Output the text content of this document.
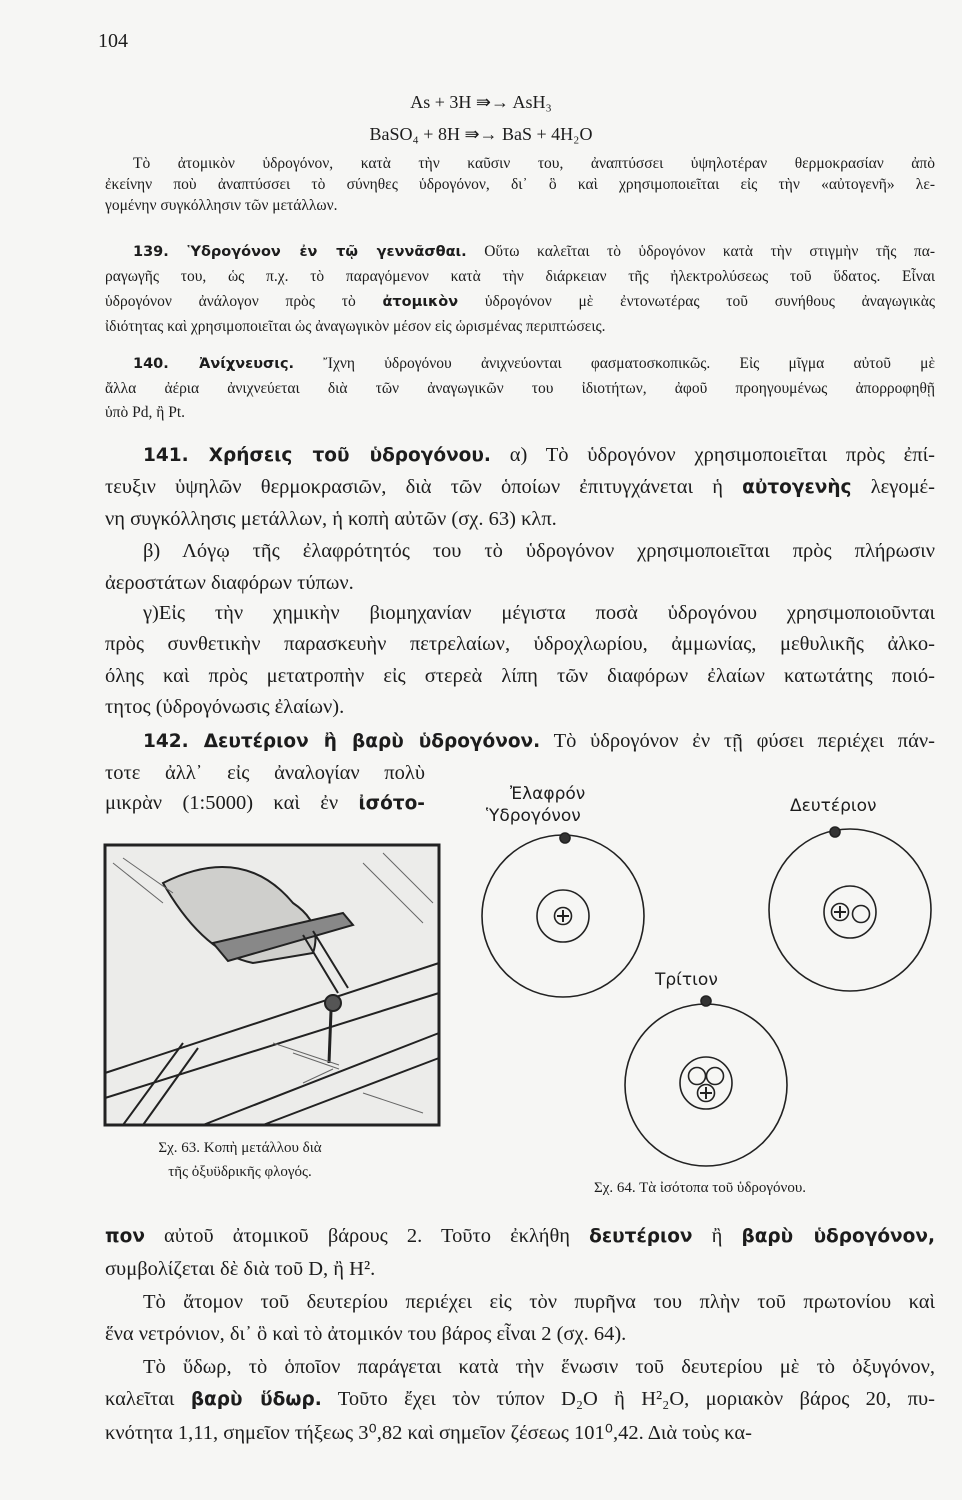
104
As + 3H ⇛→ AsH₃
BaSO₄ + 8H ⇛→ BaS + 4H₂O
Τὸ ἀτομικὸν ὑδρογόνον, κατὰ τὴν καῦσιν του, ἀναπτύσσει ὑψηλοτέραν θερμοκρασίαν ἀπὸ
ἐκείνην ποὺ ἀναπτύσσει τὸ σύνηθες ὑδρογόνον, δι᾽ ὃ καὶ χρησιμοποιεῖται εἰς τὴν «αὐτογενῆ» λε-
γομένην συγκόλλησιν τῶν μετάλλων.
139. Ὑδρογόνον ἐν τῷ γεννᾶσθαι. Οὕτω καλεῖται τὸ ὑδρογόνον κατὰ τὴν στιγμὴν τῆς πα-
ραγωγῆς του, ὡς π.χ. τὸ παραγόμενον κατὰ τὴν διάρκειαν τῆς ἠλεκτρολύσεως τοῦ ὕδατος. Εἶναι
ὑδρογόνον ἀνάλογον πρὸς τὸ ἀτομικὸν ὑδρογόνον μὲ ἐντονωτέρας τοῦ συνήθους ἀναγωγικὰς
ἰδιότητας καὶ χρησιμοποιεῖται ὡς ἀναγωγικὸν μέσον εἰς ὡρισμένας περιπτώσεις.
140. Ἀνίχνευσις. Ἴχνη ὑδρογόνου ἀνιχνεύονται φασματοσκοπικῶς. Εἰς μῖγμα αὐτοῦ μὲ
ἄλλα ἀέρια ἀνιχνεύεται διὰ τῶν ἀναγωγικῶν του ἰδιοτήτων, ἀφοῦ προηγουμένως ἀπορροφηθῇ
ὑπὸ Pd, ἢ Pt.
141. Χρήσεις τοῦ ὑδρογόνου. α) Τὸ ὑδρογόνον χρησιμοποιεῖται πρὸς ἐπί-
τευξιν ὑψηλῶν θερμοκρασιῶν, διὰ τῶν ὁποίων ἐπιτυγχάνεται ἡ αὐτογενὴς λεγομέ-
νη συγκόλλησις μετάλλων, ἡ κοπὴ αὐτῶν (σχ. 63) κλπ.
β) Λόγῳ τῆς ἐλαφρότητός του τὸ ὑδρογόνον χρησιμοποιεῖται πρὸς πλήρωσιν
ἀεροστάτων διαφόρων τύπων.
γ)Εἰς τὴν χημικὴν βιομηχανίαν μέγιστα ποσὰ ὑδρογόνου χρησιμοποιοῦνται
πρὸς συνθετικὴν παρασκευὴν πετρελαίων, ὑδροχλωρίου, ἀμμωνίας, μεθυλικῆς ἀλκο-
όλης καὶ πρὸς μετατροπὴν εἰς στερεὰ λίπη τῶν διαφόρων ἐλαίων κατωτάτης ποιό-
τητος (ὑδρογόνωσις ἐλαίων).
142. Δευτέριον ἢ βαρὺ ὑδρογόνον. Τὸ ὑδρογόνον ἐν τῇ φύσει περιέχει πάν-
τοτε ἀλλ᾽ εἰς ἀναλογίαν πολὺ
μικρὰν (1:5000) καὶ ἐν ἰσότο-
πον αὐτοῦ ἀτομικοῦ βάρους 2. Τοῦτο ἐκλήθη δευτέριον ἢ βαρὺ ὑδρογόνον,
συμβολίζεται δὲ διὰ τοῦ D, ἢ H².
Τὸ ἄτομον τοῦ δευτερίου περιέχει εἰς τὸν πυρῆνα του πλὴν τοῦ πρωτονίου καὶ
ἕνα νετρόνιον, δι᾽ ὃ καὶ τὸ ἀτομικόν του βάρος εἶναι 2 (σχ. 64).
Τὸ ὕδωρ, τὸ ὁποῖον παράγεται κατὰ τὴν ἕνωσιν τοῦ δευτερίου μὲ τὸ ὀξυγόνον,
καλεῖται βαρὺ ὕδωρ. Τοῦτο ἔχει τὸν τύπον D₂O ἢ H²₂O, μοριακὸν βάρος 20, πυ-
κνότητα 1,11, σημεῖον τήξεως 3⁰,82 καὶ σημεῖον ζέσεως 101⁰,42. Διὰ τοὺς κα-
Σχ. 63. Κοπὴ μετάλλου διὰ
τῆς ὀξυϋδρικῆς φλογός.
Ἐλαφρόν
Ὑδρογόνον	Δευτέριον
Τρίτιον
Σχ. 64. Τὰ ἰσότοπα τοῦ ὑδρογόνου.
